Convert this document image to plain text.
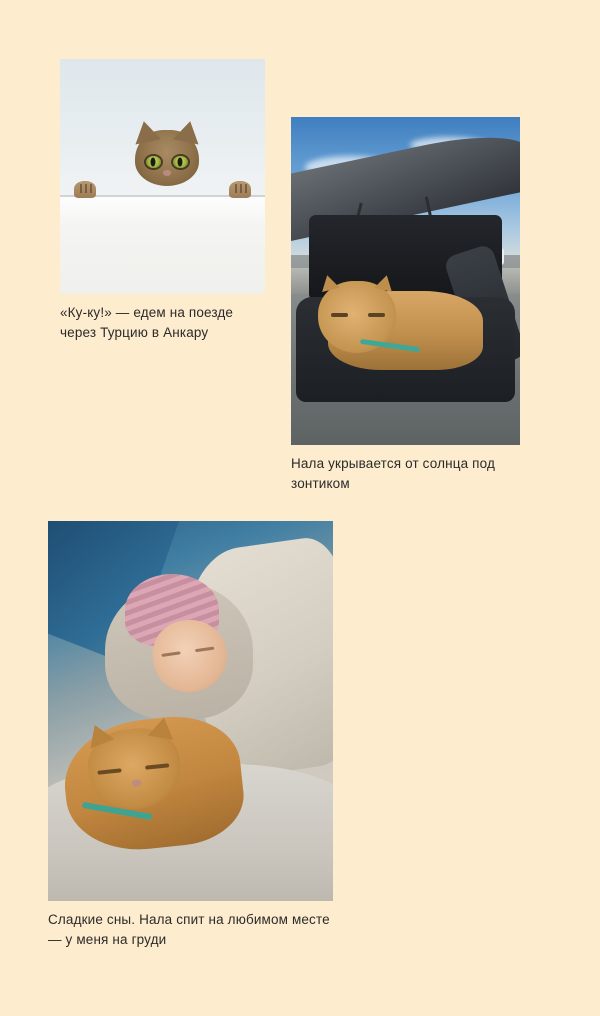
«Ку-ку!» — едем на поезде через Турцию в Анкару
Нала укрывается от солнца под зонтиком
Сладкие сны. Нала спит на любимом месте — у меня на груди
